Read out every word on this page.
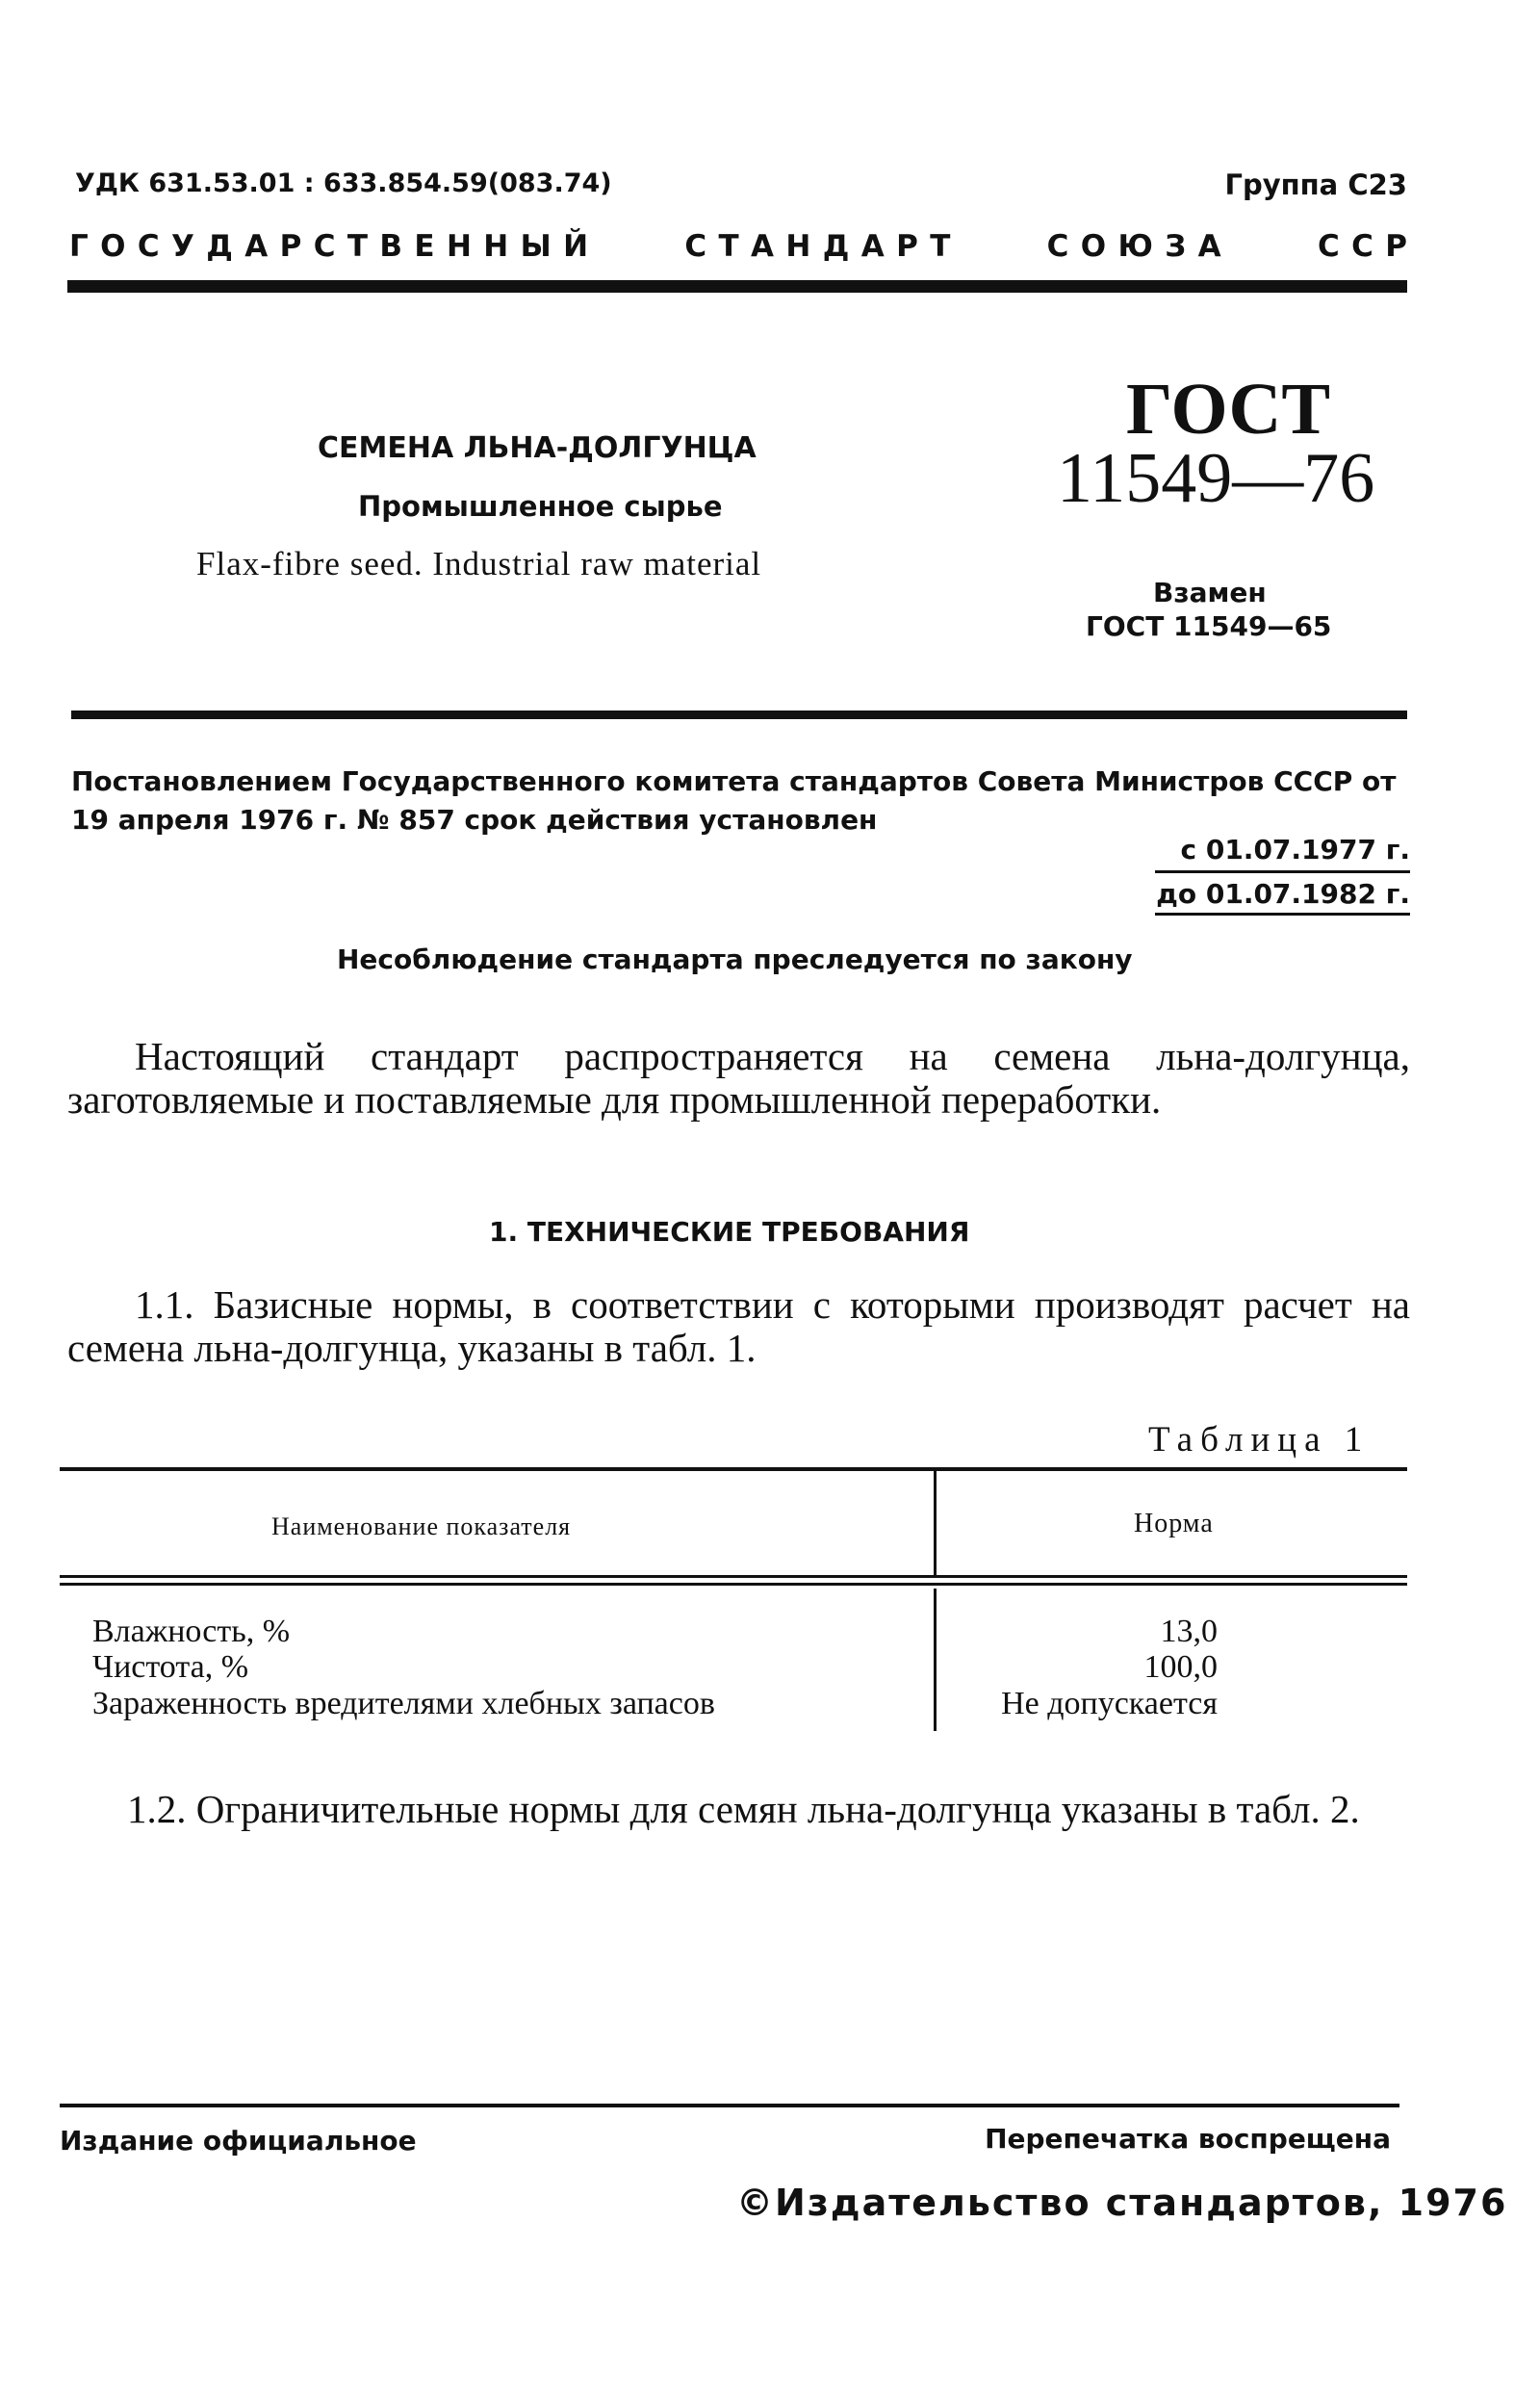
УДК 631.53.01 : 633.854.59(083.74)	Группа С23
Г  О  С  У  Д  А  Р  С  Т  В  Е  Н  Н  Ы  Й	С  Т  А  Н  Д  А  Р  Т	С  О  Ю  З  А	С  С  Р
СЕМЕНА ЛЬНА-ДОЛГУНЦА
Промышленное сырье
Flax-fibre seed. Industrial raw material
ГОСТ
11549—76
Взамен
ГОСТ 11549—65
Постановлением Государственного комитета стандартов Совета Министров СССР от 19 апреля 1976 г. № 857 срок действия установлен
с 01.07.1977 г.
до 01.07.1982 г.
Несоблюдение стандарта преследуется по закону
Настоящий стандарт распространяется на семена льна-долгунца, заготовляемые и поставляемые для промышленной переработки.
1. ТЕХНИЧЕСКИЕ ТРЕБОВАНИЯ
1.1. Базисные нормы, в соответствии с которыми производят расчет на семена льна-долгунца, указаны в табл. 1.
Таблица 1
Наименование показателя	Норма
Влажность, %	13,0
Чистота, %	100,0
Зараженность вредителями хлебных запасов	Не допускается
1.2. Ограничительные нормы для семян льна-долгунца указаны в табл. 2.
Издание официальное	Перепечатка воспрещена
©Издательство стандартов, 1976
